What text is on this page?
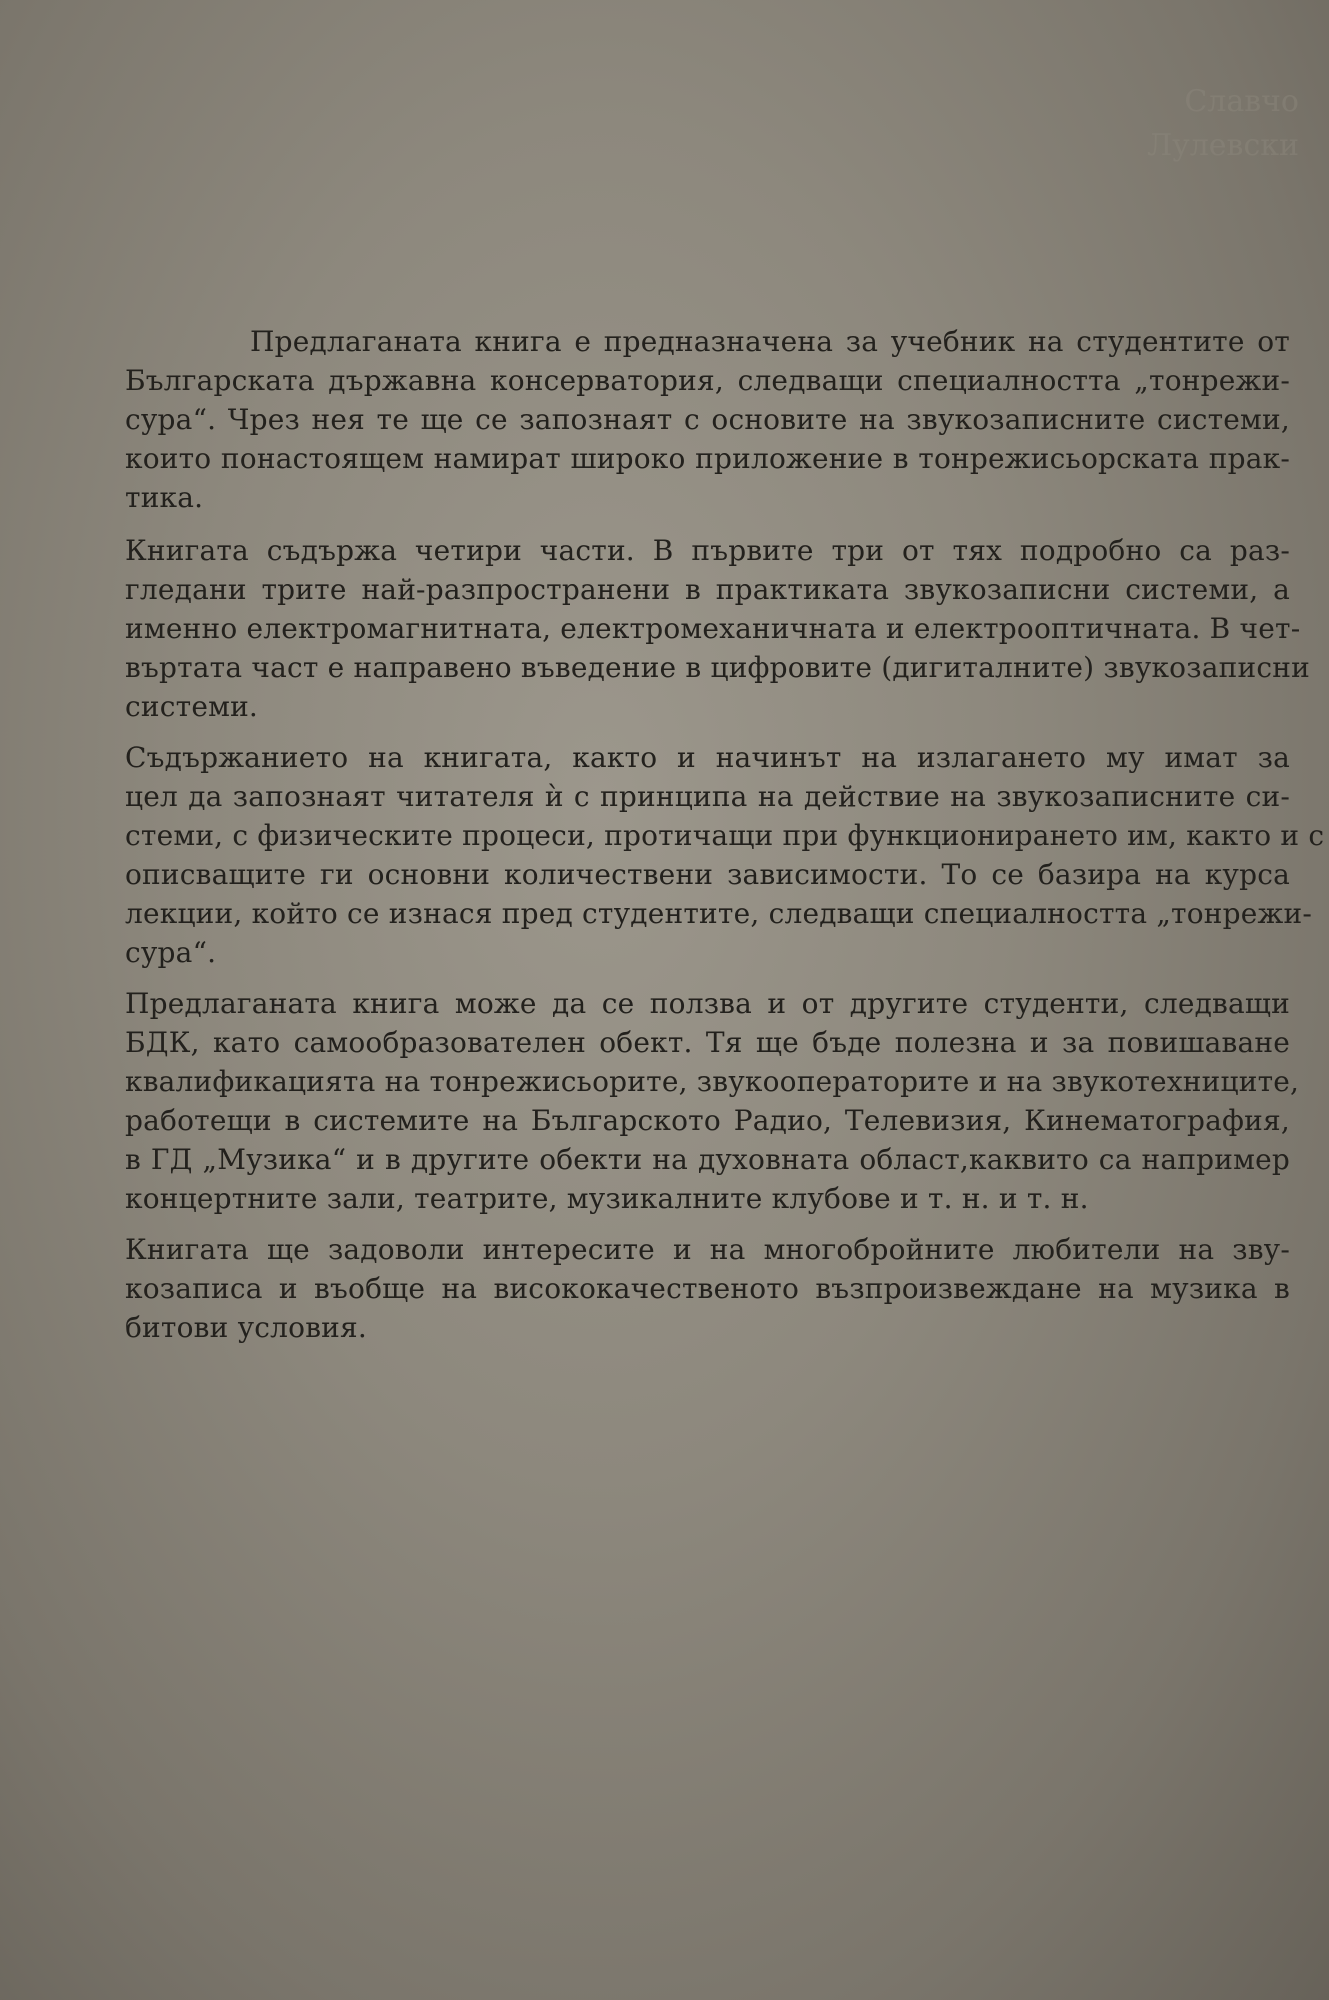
Славчо
Лулевски

Предлаганата книга е предназначена за учебник на студентите от
Българската държавна консерватория, следващи специалността „тонрежи-
сура“. Чрез нея те ще се запознаят с основите на звукозаписните системи,
които понастоящем намират широко приложение в тонрежисьорската прак-
тика.

Книгата съдържа четири части. В първите три от тях подробно са раз-
гледани трите най-разпространени в практиката звукозаписни системи, а
именно електромагнитната, електромеханичната и електрооптичната. В чет-
въртата част е направено въведение в цифровите (дигиталните) звукозаписни
системи.

Съдържанието на книгата, както и начинът на излагането му имат за
цел да запознаят читателя ѝ с принципа на действие на звукозаписните си-
стеми, с физическите процеси, протичащи при функционирането им, както и с
описващите ги основни количествени зависимости. То се базира на курса
лекции, който се изнася пред студентите, следващи специалността „тонрежи-
сура“.

Предлаганата книга може да се ползва и от другите студенти, следващи
БДК, като самообразователен обект. Тя ще бъде полезна и за повишаване
квалификацията на тонрежисьорите, звукооператорите и на звукотехниците,
работещи в системите на Българското Радио, Телевизия, Кинематография,
в ГД „Музика“ и в другите обекти на духовната област,каквито са например
концертните зали, театрите, музикалните клубове и т. н. и т. н.

Книгата ще задоволи интересите и на многобройните любители на зву-
козаписа и въобще на висококачественото възпроизвеждане на музика в
битови условия.
